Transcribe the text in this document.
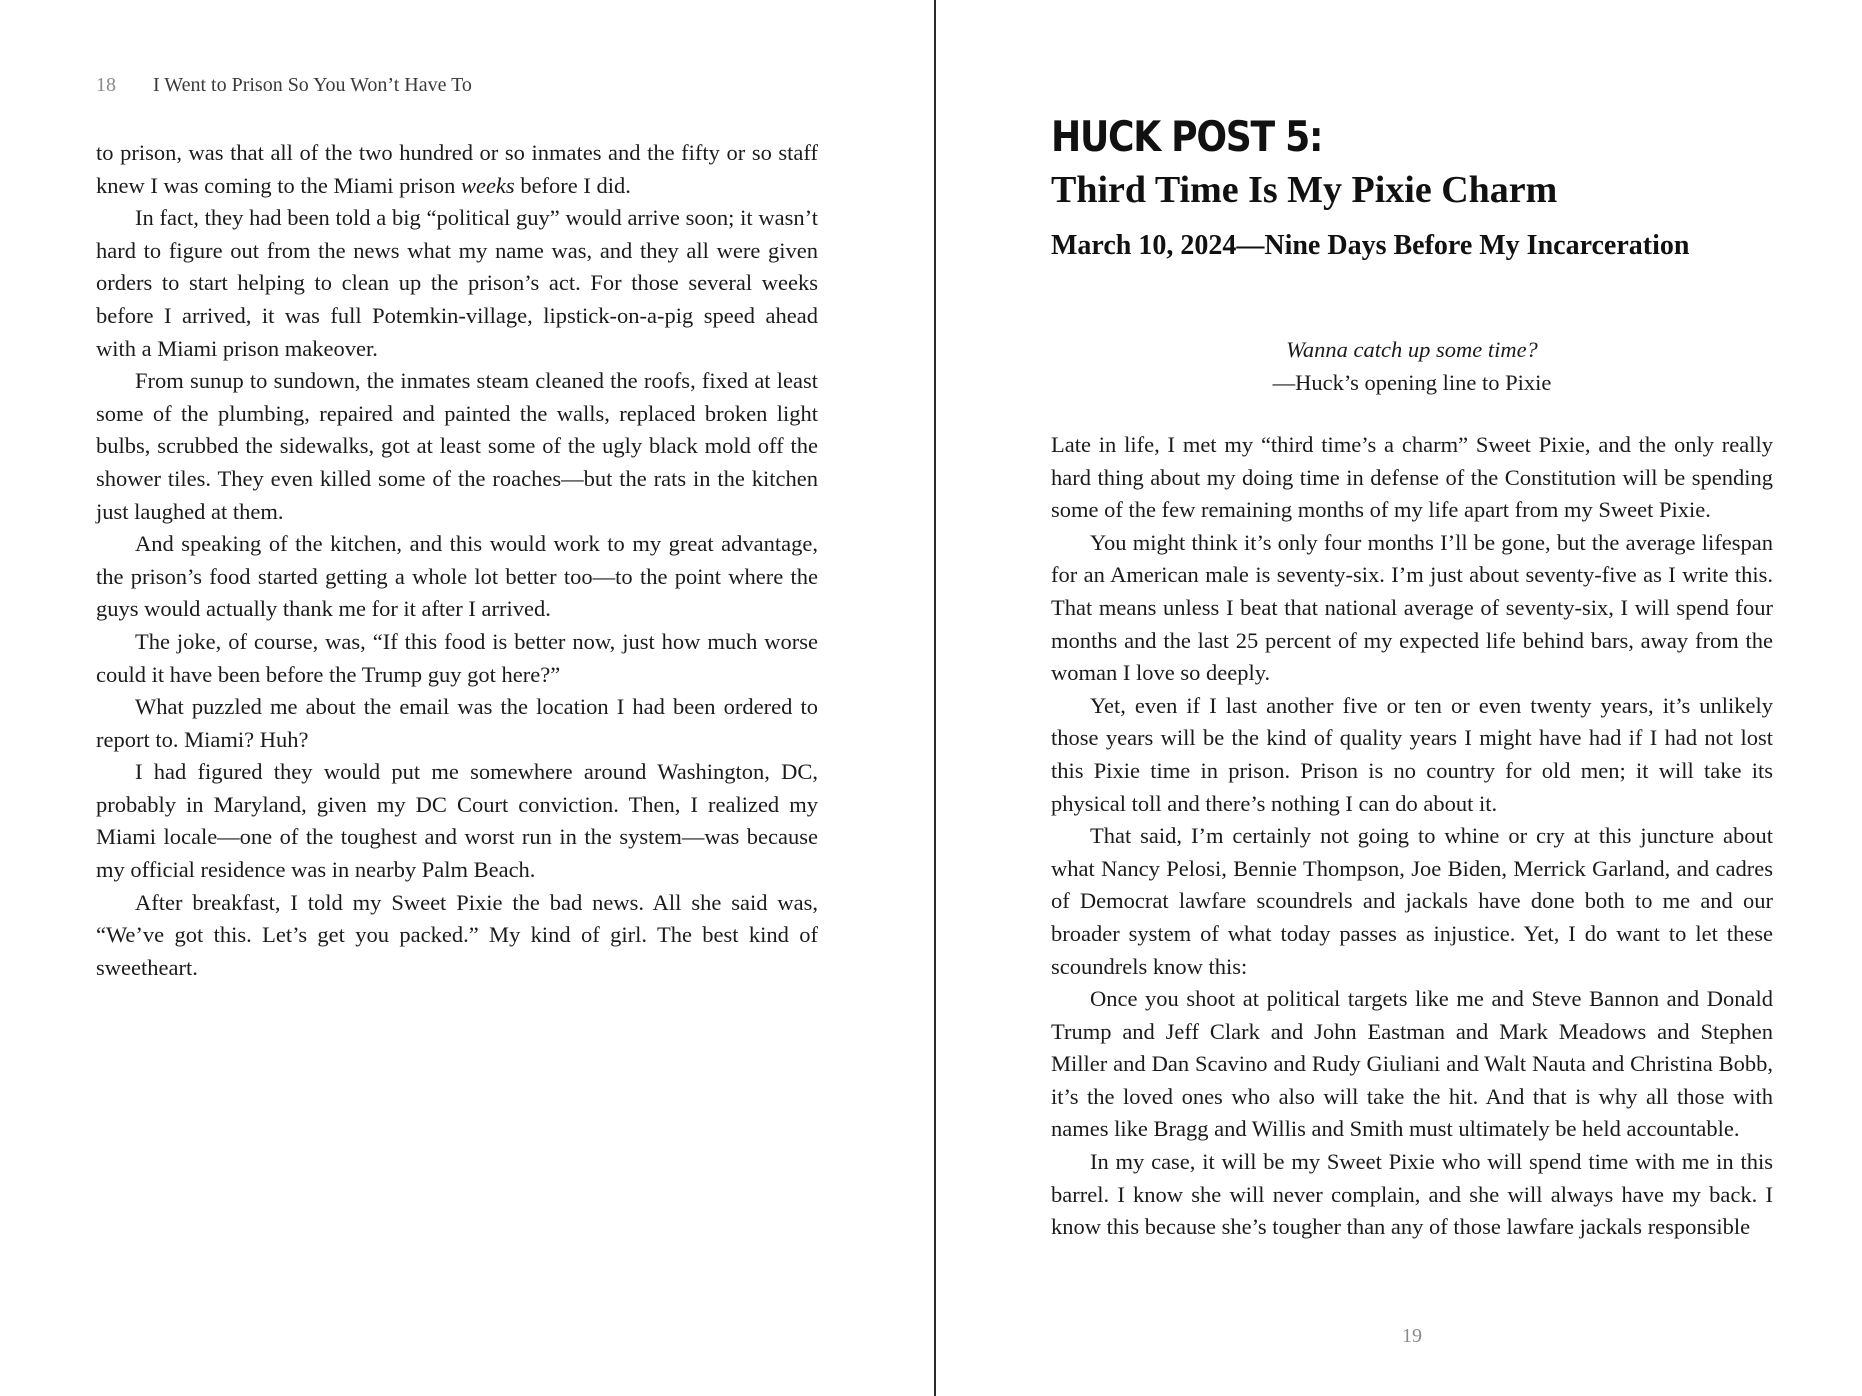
18 I Went to Prison So You Won’t Have To

to prison, was that all of the two hundred or so inmates and the fifty or so staff knew I was coming to the Miami prison weeks before I did.

In fact, they had been told a big “political guy” would arrive soon; it wasn’t hard to figure out from the news what my name was, and they all were given orders to start helping to clean up the prison’s act. For those several weeks before I arrived, it was full Potemkin-village, lipstick-on-a-pig speed ahead with a Miami prison makeover.

From sunup to sundown, the inmates steam cleaned the roofs, fixed at least some of the plumbing, repaired and painted the walls, replaced broken light bulbs, scrubbed the sidewalks, got at least some of the ugly black mold off the shower tiles. They even killed some of the roaches—but the rats in the kitchen just laughed at them.

And speaking of the kitchen, and this would work to my great advantage, the prison’s food started getting a whole lot better too—to the point where the guys would actually thank me for it after I arrived.

The joke, of course, was, “If this food is better now, just how much worse could it have been before the Trump guy got here?”

What puzzled me about the email was the location I had been ordered to report to. Miami? Huh?

I had figured they would put me somewhere around Washington, DC, probably in Maryland, given my DC Court conviction. Then, I realized my Miami locale—one of the toughest and worst run in the system—was because my official residence was in nearby Palm Beach.

After breakfast, I told my Sweet Pixie the bad news. All she said was, “We’ve got this. Let’s get you packed.” My kind of girl. The best kind of sweetheart.

HUCK POST 5:
Third Time Is My Pixie Charm
March 10, 2024—Nine Days Before My Incarceration
Wanna catch up some time?
—Huck’s opening line to Pixie

Late in life, I met my “third time’s a charm” Sweet Pixie, and the only really hard thing about my doing time in defense of the Constitution will be spending some of the few remaining months of my life apart from my Sweet Pixie.

You might think it’s only four months I’ll be gone, but the average lifespan for an American male is seventy-six. I’m just about seventy-five as I write this. That means unless I beat that national average of seventy-six, I will spend four months and the last 25 percent of my expected life behind bars, away from the woman I love so deeply.

Yet, even if I last another five or ten or even twenty years, it’s unlikely those years will be the kind of quality years I might have had if I had not lost this Pixie time in prison. Prison is no country for old men; it will take its physical toll and there’s nothing I can do about it.

That said, I’m certainly not going to whine or cry at this juncture about what Nancy Pelosi, Bennie Thompson, Joe Biden, Merrick Garland, and cadres of Democrat lawfare scoundrels and jackals have done both to me and our broader system of what today passes as injustice. Yet, I do want to let these scoundrels know this:

Once you shoot at political targets like me and Steve Bannon and Donald Trump and Jeff Clark and John Eastman and Mark Meadows and Stephen Miller and Dan Scavino and Rudy Giuliani and Walt Nauta and Christina Bobb, it’s the loved ones who also will take the hit. And that is why all those with names like Bragg and Willis and Smith must ultimately be held accountable.

In my case, it will be my Sweet Pixie who will spend time with me in this barrel. I know she will never complain, and she will always have my back. I know this because she’s tougher than any of those lawfare jackals responsible

19
